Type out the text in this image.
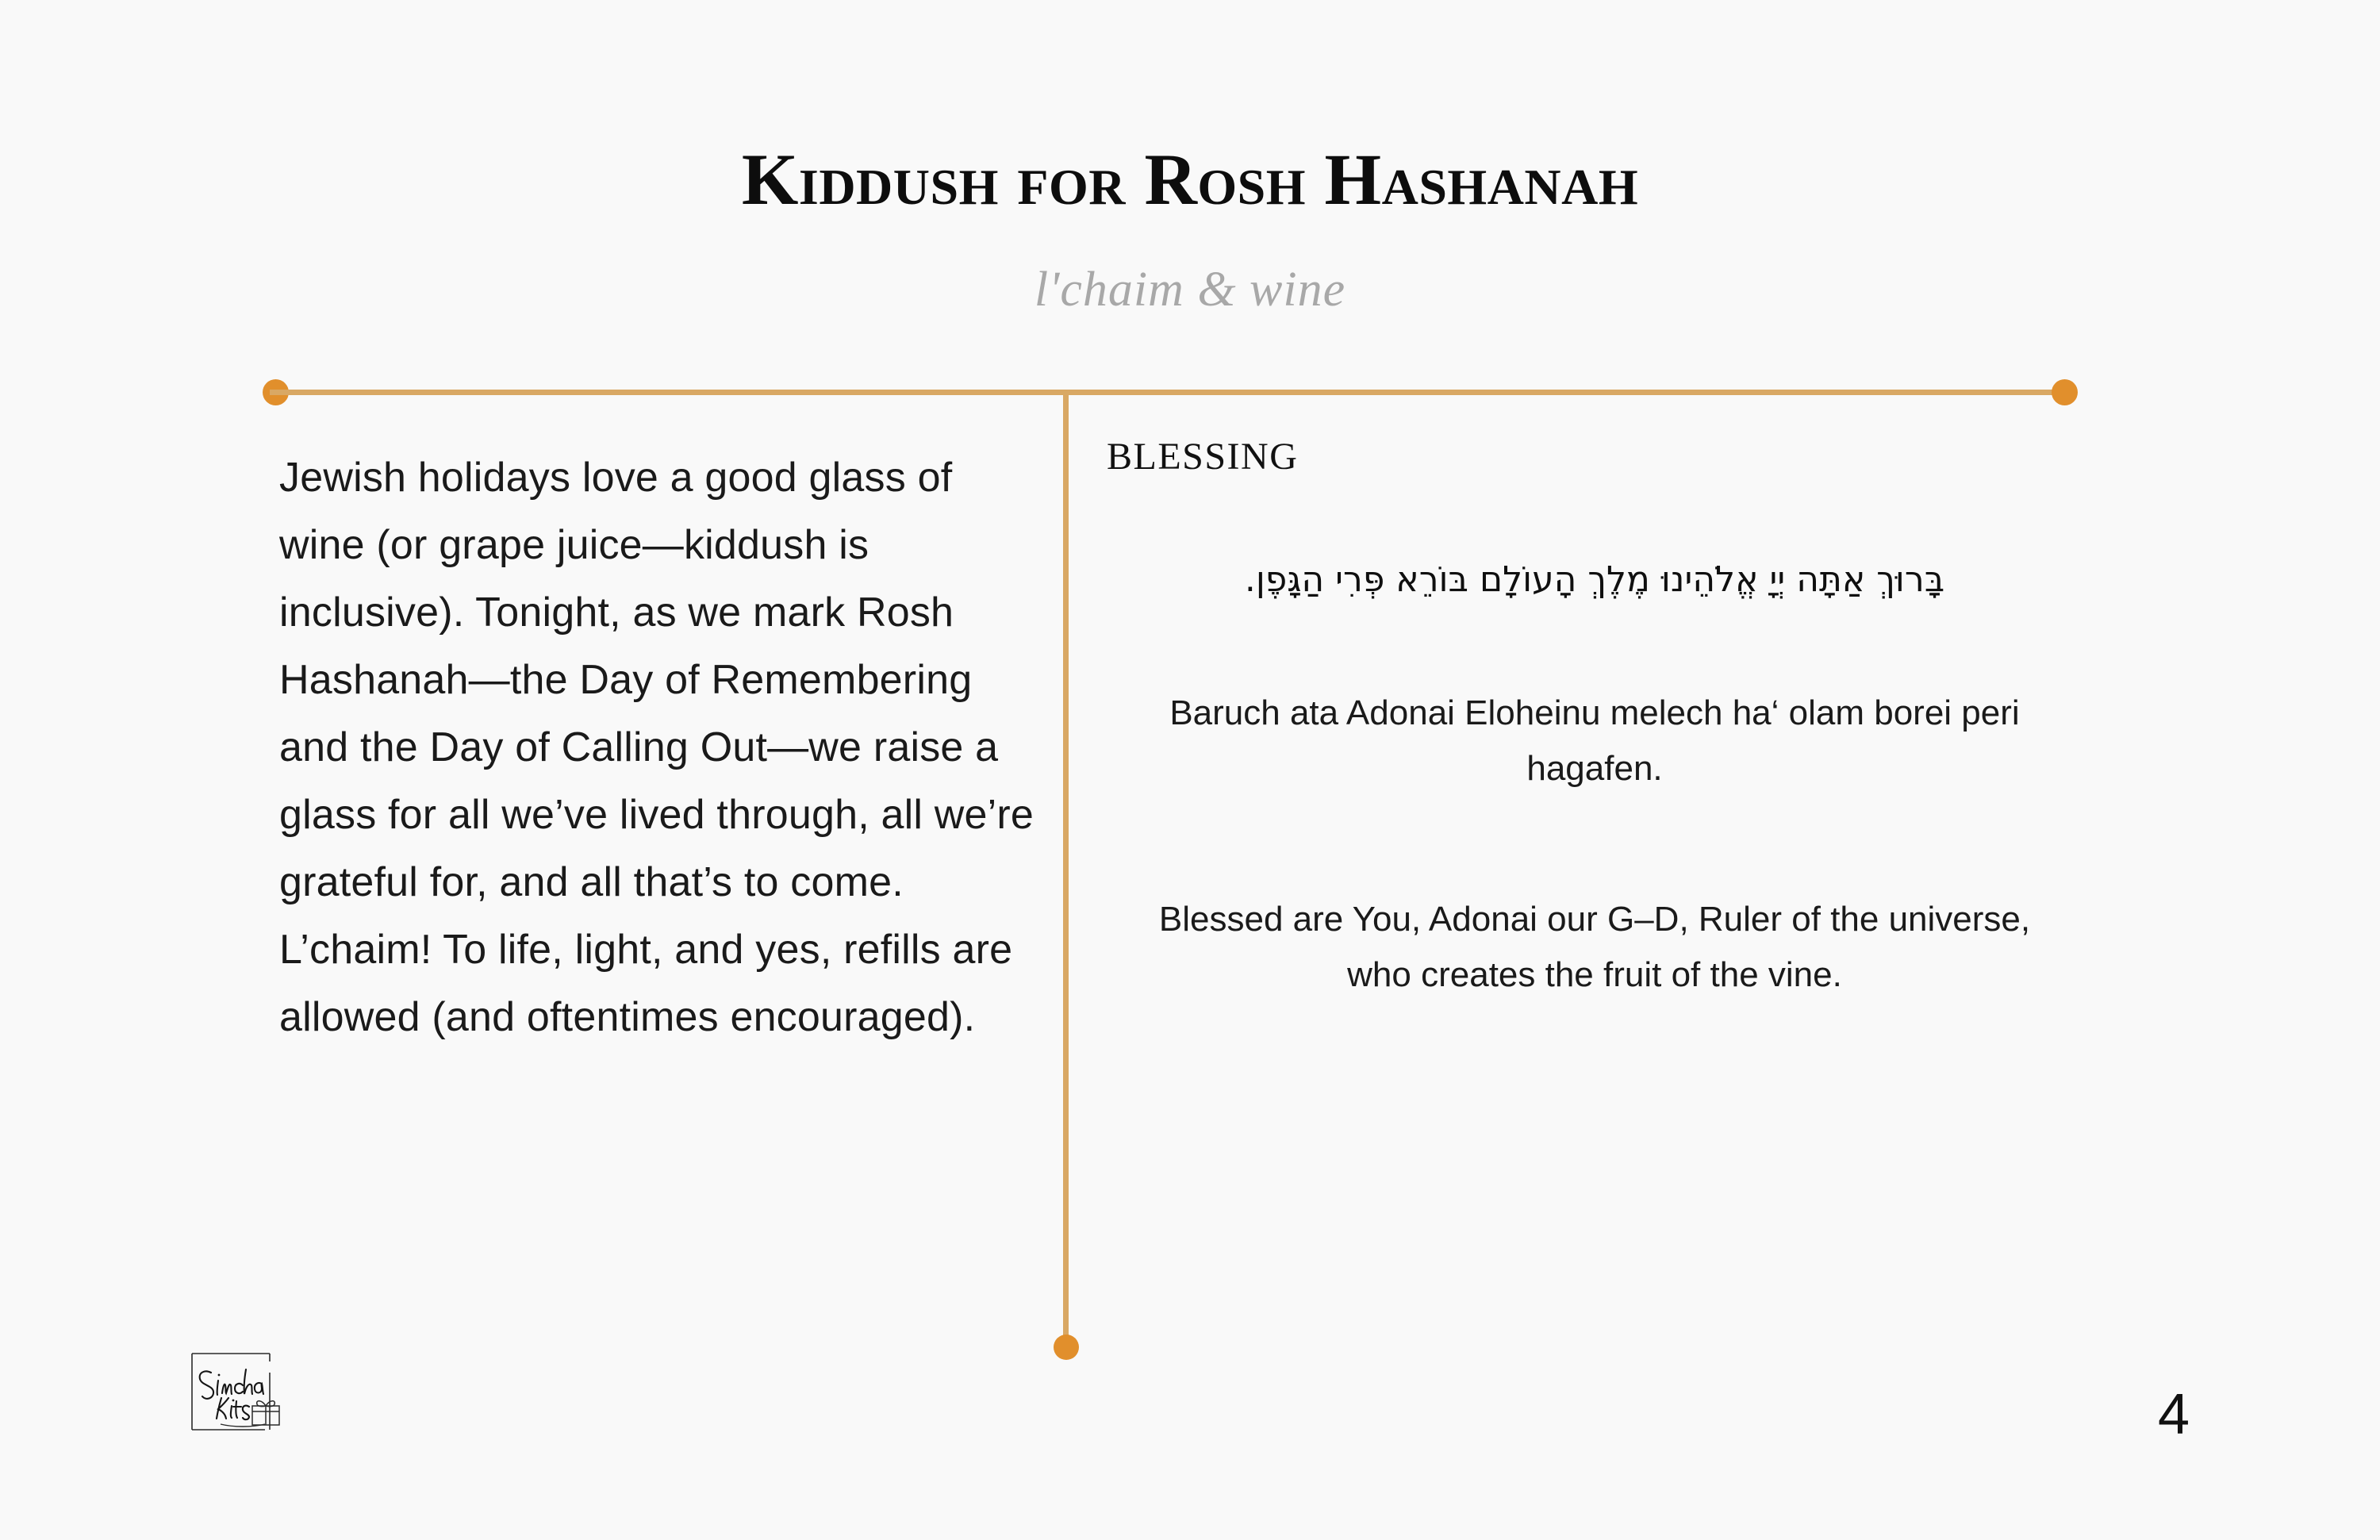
Kiddush for Rosh Hashanah
l'chaim & wine

Jewish holidays love a good glass of wine (or grape juice—kiddush is inclusive). Tonight, as we mark Rosh Hashanah—the Day of Remembering and the Day of Calling Out—we raise a glass for all we’ve lived through, all we’re grateful for, and all that’s to come. L’chaim! To life, light, and yes, refills are allowed (and oftentimes encouraged).

BLESSING

בָּרוּךְ אַתָּה יְיָ אֱלֹהֵינוּ מֶלֶךְ הָעוֹלָם בּוֹרֵא פְּרִי הַגָּפֶן.

Baruch ata Adonai Eloheinu melech ha‘ olam borei peri hagafen.

Blessed are You, Adonai our G–D, Ruler of the universe,
who creates the fruit of the vine.
4
